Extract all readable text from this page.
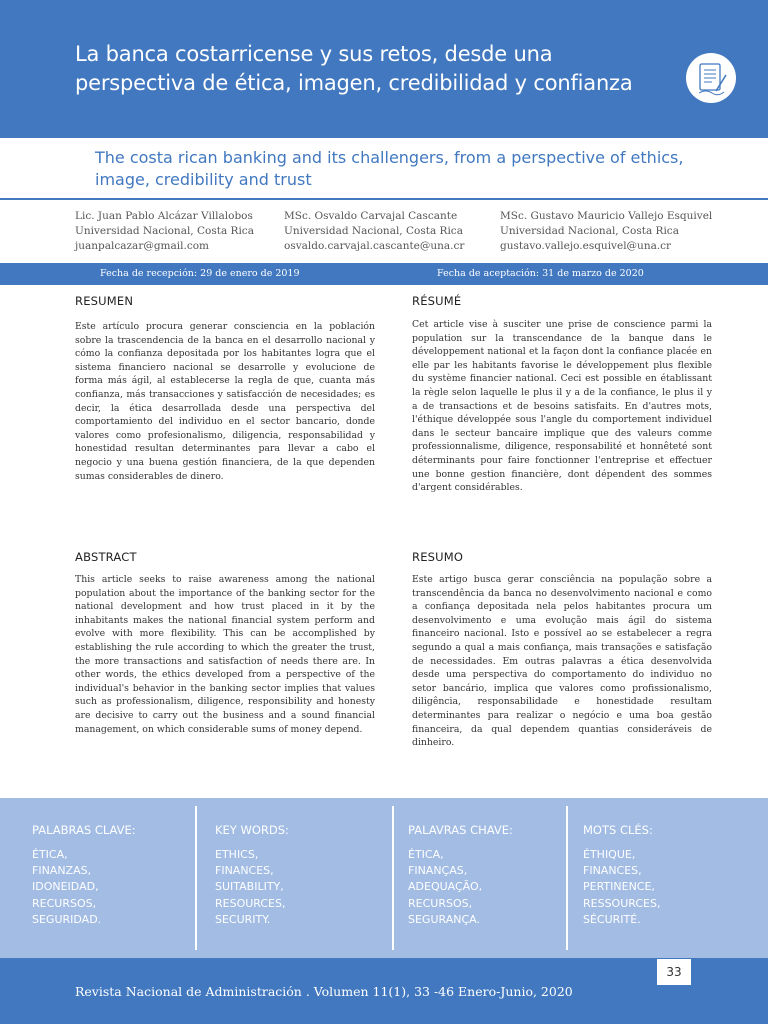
La banca costarricense y sus retos, desde una perspectiva de ética, imagen, credibilidad y confianza

The costa rican banking and its challengers, from a perspective of ethics, image, credibility and trust

Lic. Juan Pablo Alcázar Villalobos
Universidad Nacional, Costa Rica
juanpalcazar@gmail.com
MSc. Osvaldo Carvajal Cascante
Universidad Nacional, Costa Rica
osvaldo.carvajal.cascante@una.cr
MSc. Gustavo Mauricio Vallejo Esquivel
Universidad Nacional, Costa Rica
gustavo.vallejo.esquivel@una.cr
Fecha de recepción: 29 de enero de 2019	Fecha de aceptación: 31 de marzo de 2020
RESUMEN

Este artículo procura generar consciencia en la población sobre la trascendencia de la banca en el desarrollo nacional y cómo la confianza depositada por los habitantes logra que el sistema financiero nacional se desarrolle y evolucione de forma más ágil, al establecerse la regla de que, cuanta más confianza, más transacciones y satisfacción de necesidades; es decir, la ética desarrollada desde una perspectiva del comportamiento del individuo en el sector bancario, donde valores como profesionalismo, diligencia, responsabilidad y honestidad resultan determinantes para llevar a cabo el negocio y una buena gestión financiera, de la que dependen sumas considerables de dinero.

RÉSUMÉ

Cet article vise à susciter une prise de conscience parmi la population sur la transcendance de la banque dans le développement national et la façon dont la confiance placée en elle par les habitants favorise le développement plus flexible du système financier national. Ceci est possible en établissant la règle selon laquelle le plus il y a de la confiance, le plus il y a de transactions et de besoins satisfaits. En d'autres mots, l'éthique développée sous l'angle du comportement individuel dans le secteur bancaire implique que des valeurs comme professionnalisme, diligence, responsabilité et honnêteté sont déterminants pour faire fonctionner l'entreprise et effectuer une bonne gestion financière, dont dépendent des sommes d'argent considérables.

ABSTRACT

This article seeks to raise awareness among the national population about the importance of the banking sector for the national development and how trust placed in it by the inhabitants makes the national financial system perform and evolve with more flexibility. This can be accomplished by establishing the rule according to which the greater the trust, the more transactions and satisfaction of needs there are. In other words, the ethics developed from a perspective of the individual's behavior in the banking sector implies that values such as professionalism, diligence, responsibility and honesty are decisive to carry out the business and a sound financial management, on which considerable sums of money depend.

RESUMO

Este artigo busca gerar consciência na população sobre a transcendência da banca no desenvolvimento nacional e como a confiança depositada nela pelos habitantes procura um desenvolvimento e uma evolução mais ágil do sistema financeiro nacional. Isto e possível ao se estabelecer a regra segundo a qual a mais confiança, mais transações e satisfação de necessidades. Em outras palavras a ética desenvolvida desde uma perspectiva do comportamento do individuo no setor bancário, implica que valores como profissionalismo, diligência, responsabilidade e honestidade resultam determinantes para realizar o negócio e uma boa gestão financeira, da qual dependem quantias consideráveis de dinheiro.

PALABRAS CLAVE:
ÉTICA,
FINANZAS,
IDONEIDAD,
RECURSOS,
SEGURIDAD.
KEY WORDS:
ETHICS,
FINANCES,
SUITABILITY,
RESOURCES,
SECURITY.
PALAVRAS CHAVE:
ÉTICA,
FINANÇAS,
ADEQUAÇÃO,
RECURSOS,
SEGURANÇA.
MOTS CLÉS:
ÉTHIQUE,
FINANCES,
PERTINENCE,
RESSOURCES,
SÉCURITÉ.
33
Revista Nacional de Administración . Volumen 11(1), 33 -46 Enero-Junio, 2020
